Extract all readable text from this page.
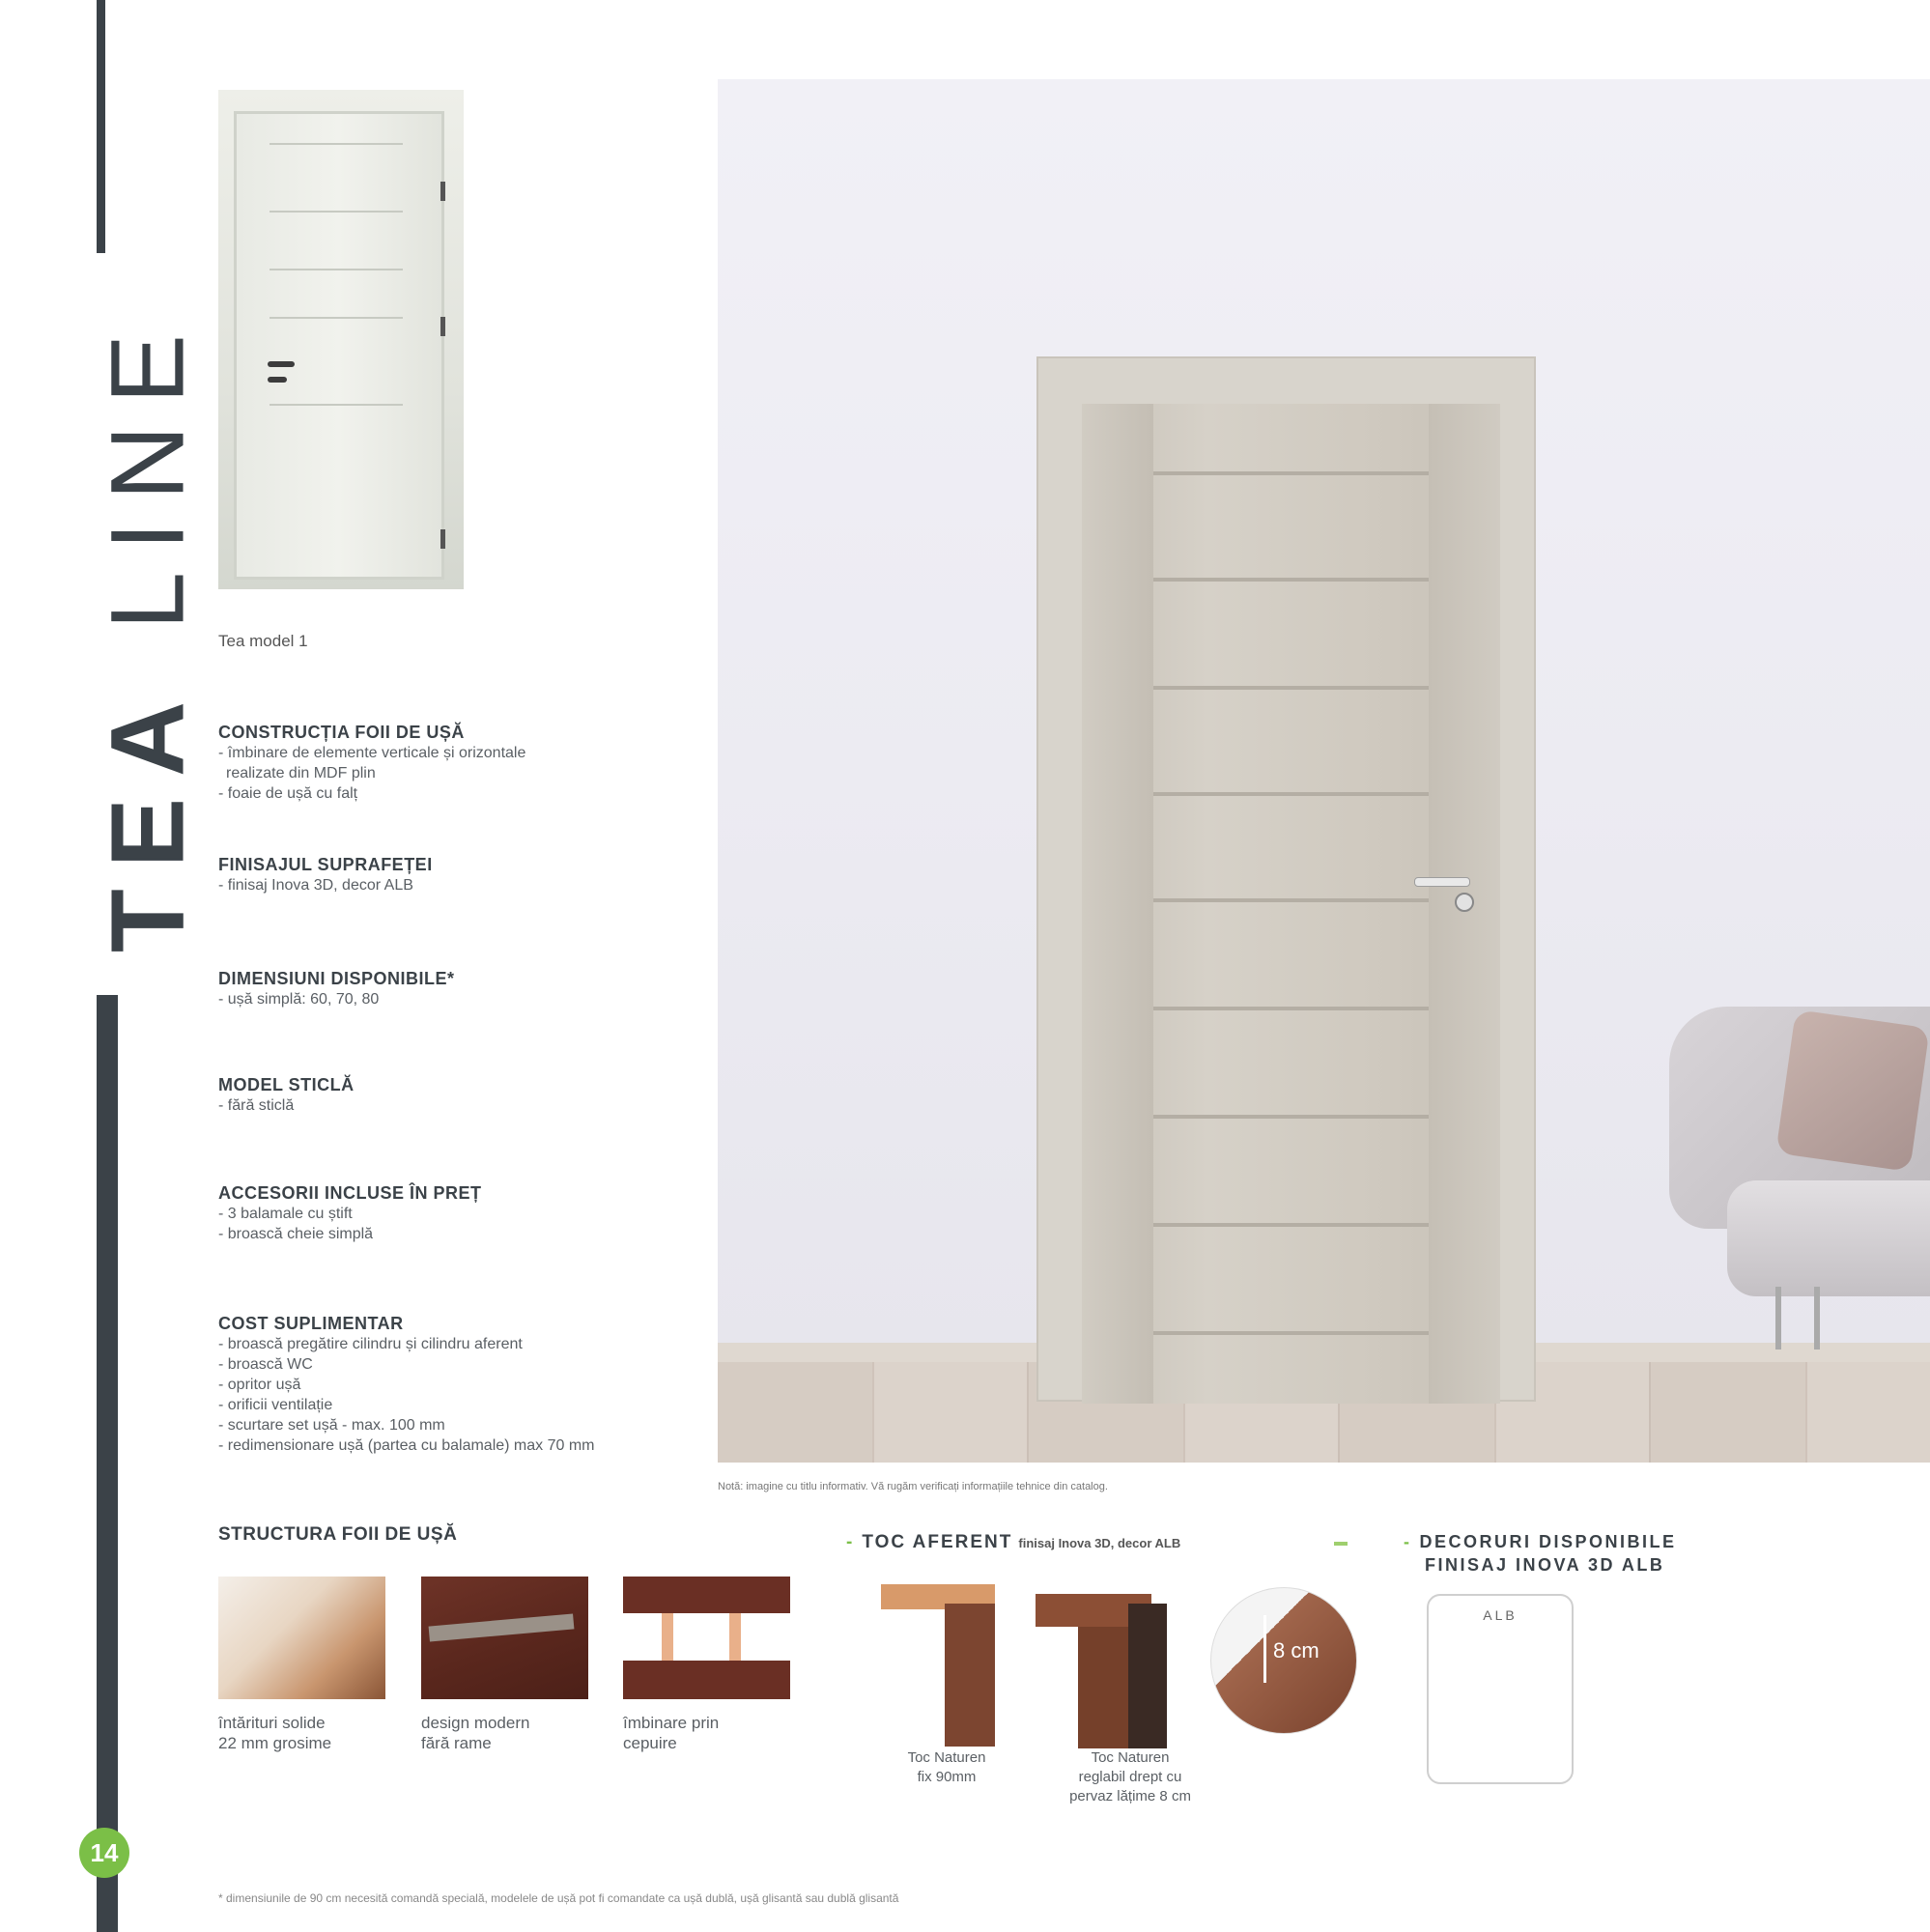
TEA LINE
14
Tea model 1
CONSTRUCȚIA FOII DE UȘĂ
- îmbinare de elemente verticale și orizontale
realizate din MDF plin
- foaie de ușă cu falț
FINISAJUL SUPRAFEȚEI
- finisaj Inova 3D, decor ALB
DIMENSIUNI DISPONIBILE*
- ușă simplă: 60, 70, 80
MODEL STICLĂ
- fără sticlă
ACCESORII INCLUSE ÎN PREȚ
- 3 balamale cu știft
- broască cheie simplă
COST SUPLIMENTAR
- broască pregătire cilindru și cilindru aferent
- broască WC
- opritor ușă
- orificii ventilație
- scurtare set ușă - max. 100 mm
- redimensionare ușă (partea cu balamale) max 70 mm
Notă: imagine cu titlu informativ. Vă rugăm verificați informațiile tehnice din catalog.
STRUCTURA FOII DE UȘĂ
întărituri solide
22 mm grosime
design modern
fără rame
îmbinare prin
cepuire
- TOC AFERENT finisaj Inova 3D, decor ALB
8 cm
Toc Naturen
fix 90mm
Toc Naturen
reglabil drept cu
pervaz lățime 8 cm
- DECORURI DISPONIBILE
FINISAJ INOVA 3D ALB
ALB
* dimensiunile de 90 cm necesită comandă specială, modelele de ușă pot fi comandate ca ușă dublă, ușă glisantă sau dublă glisantă
